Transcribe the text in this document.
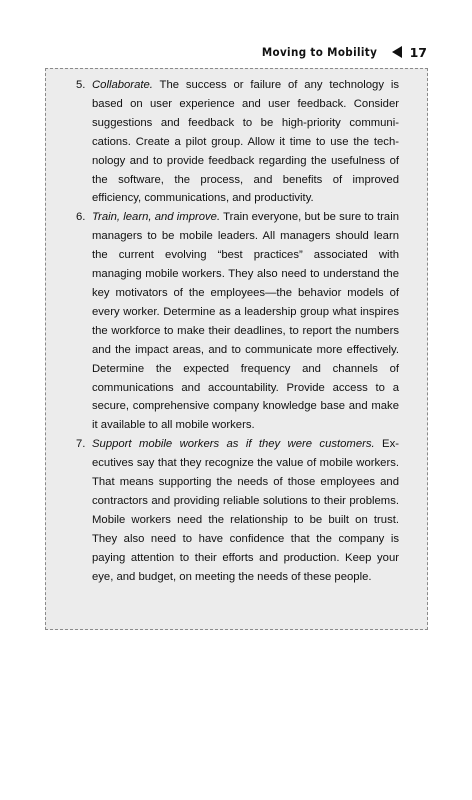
Moving to Mobility	17
5. Collaborate. The success or failure of any technology is based on user experience and user feedback. Consider suggestions and feedback to be high-priority communications. Create a pilot group. Allow it time to use the technology and to provide feedback regarding the usefulness of the software, the process, and benefits of improved efficiency, communications, and productivity.
6. Train, learn, and improve. Train everyone, but be sure to train managers to be mobile leaders. All managers should learn the current evolving “best practices” associated with managing mobile workers. They also need to understand the key motivators of the employees—the behavior models of every worker. Determine as a leadership group what inspires the workforce to make their deadlines, to report the numbers and the impact areas, and to communicate more effectively. Determine the expected frequency and channels of communications and accountability. Provide access to a secure, comprehensive company knowledge base and make it available to all mobile workers.
7. Support mobile workers as if they were customers. Executives say that they recognize the value of mobile workers. That means supporting the needs of those employees and contractors and providing reliable solutions to their problems. Mobile workers need the relationship to be built on trust. They also need to have confidence that the company is paying attention to their efforts and production. Keep your eye, and budget, on meeting the needs of these people.
